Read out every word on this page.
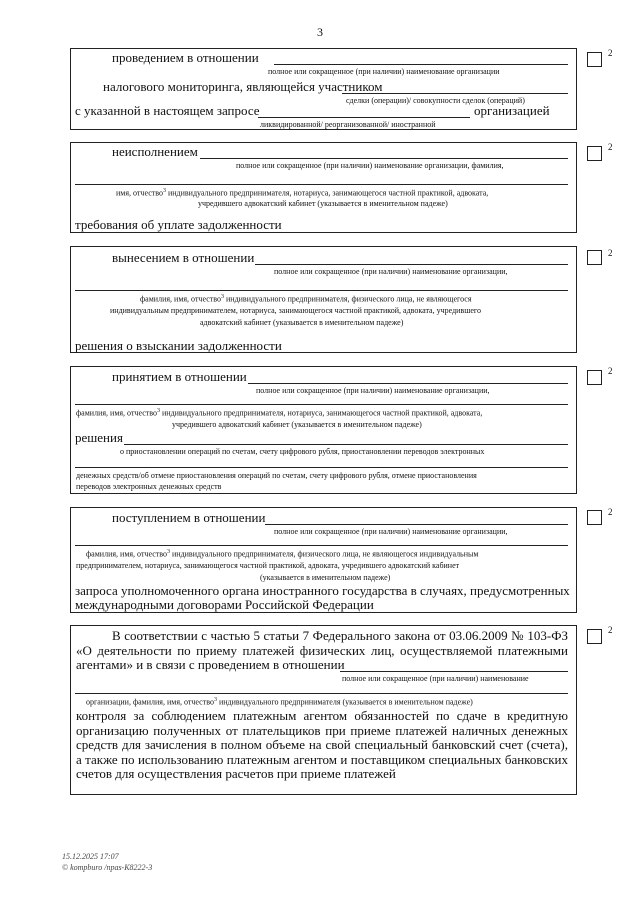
3
проведением в отношении
полное или сокращенное (при наличии) наименование организации
налогового мониторинга, являющейся участником
сделки (операции)/ совокупности сделок (операций)
с указанной в настоящем запросе	организацией
ликвидированной/ реорганизованной/ иностранной
2
неисполнением
полное или сокращенное (при наличии) наименование организации, фамилия,
имя, отчество$^3$ индивидуального предпринимателя, нотариуса, занимающегося частной практикой, адвоката,
учредившего адвокатский кабинет (указывается в именительном падеже)
требования об уплате задолженности
2
вынесением в отношении
полное или сокращенное (при наличии) наименование организации,
фамилия, имя, отчество$^3$ индивидуального предпринимателя, физического лица, не являющегося
индивидуальным предпринимателем, нотариуса, занимающегося частной практикой, адвоката, учредившего
адвокатский кабинет (указывается в именительном падеже)
решения о взыскании задолженности
2
принятием в отношении
полное или сокращенное (при наличии) наименование организации,
фамилия, имя, отчество$^3$ индивидуального предпринимателя, нотариуса, занимающегося частной практикой, адвоката,
учредившего адвокатский кабинет (указывается в именительном падеже)
решения
о приостановлении операций по счетам, счету цифрового рубля, приостановлении переводов электронных
денежных средств/об отмене приостановления операций по счетам, счету цифрового рубля, отмене приостановления
переводов электронных денежных средств
2
поступлением в отношении
полное или сокращенное (при наличии) наименование организации,
фамилия, имя, отчество$^3$ индивидуального предпринимателя, физического лица, не являющегося индивидуальным
предпринимателем, нотариуса, занимающегося частной практикой, адвоката, учредившего адвокатский кабинет
(указывается в именительном падеже)
запроса уполномоченного органа иностранного государства в случаях, предусмотренных
международными договорами Российской Федерации
2
В соответствии с частью 5 статьи 7 Федерального закона от 03.06.2009 № 103-ФЗ «О деятельности по приему платежей физических лиц, осуществляемой платежными агентами» и в связи с проведением в отношении
полное или сокращенное (при наличии) наименование
организации, фамилия, имя, отчество$^3$ индивидуального предпринимателя (указывается в именительном падеже)
контроля за соблюдением платежным агентом обязанностей по сдаче в кредитную организацию полученных от плательщиков при приеме платежей наличных денежных средств для зачисления в полном объеме на свой специальный банковский счет (счета), а также по использованию платежным агентом и поставщиком специальных банковских счетов для осуществления расчетов при приеме платежей
2
15.12.2025 17:07
© kompburo /npas-K8222-3
